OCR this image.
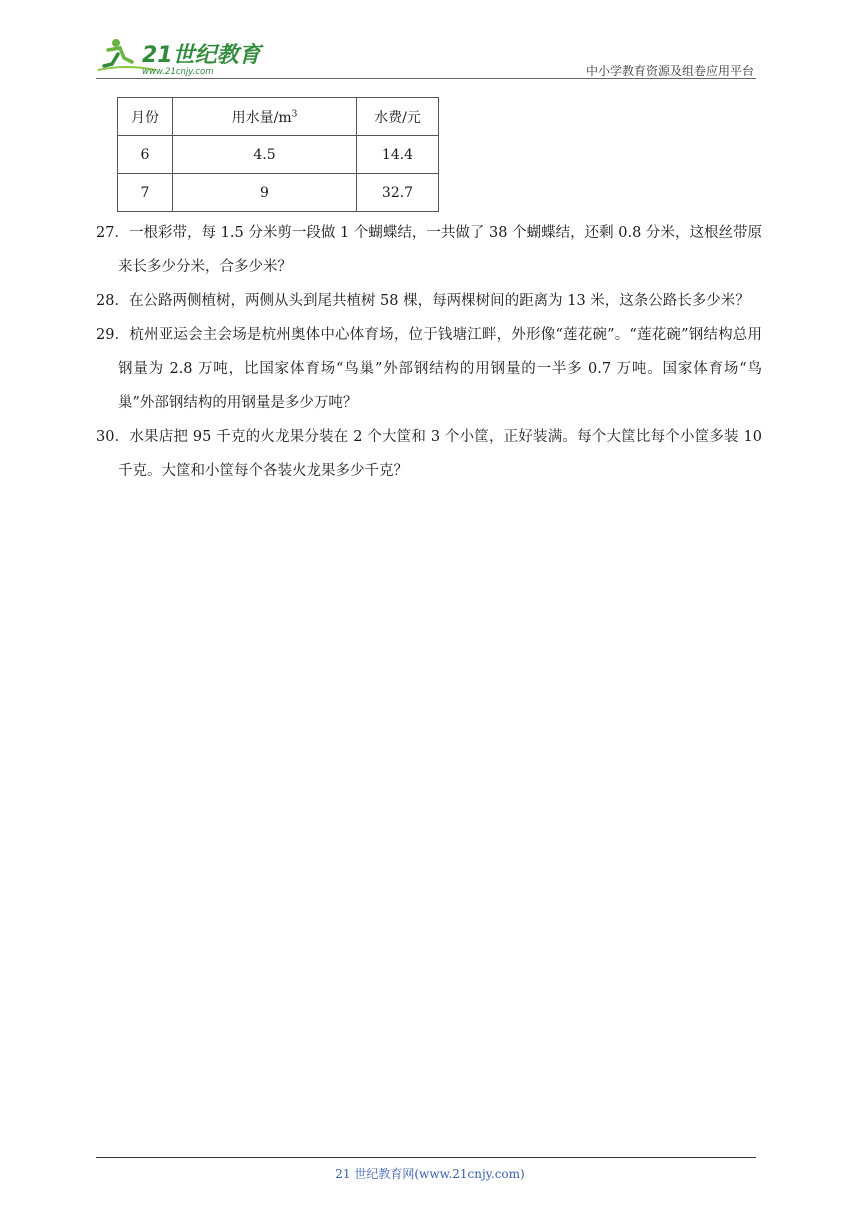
21世纪教育
www.21cnjy.com	中小学教育资源及组卷应用平台
月份	用水量$/m^3$	水费/元
6	4.5	14.4
7	9	32.7

27．一根彩带，每 1.5 分米剪一段做 1 个蝴蝶结，一共做了 38 个蝴蝶结，还剩 0.8 分米，这根丝带原来长多少分米，合多少米？

28．在公路两侧植树，两侧从头到尾共植树 58 棵，每两棵树间的距离为 13 米，这条公路长多少米？

29．杭州亚运会主会场是杭州奥体中心体育场，位于钱塘江畔，外形像“莲花碗”。“莲花碗”钢结构总用钢量为 2.8 万吨，比国家体育场“鸟巢”外部钢结构的用钢量的一半多 0.7 万吨。国家体育场“鸟巢”外部钢结构的用钢量是多少万吨？

30．水果店把 95 千克的火龙果分装在 2 个大筐和 3 个小筐，正好装满。每个大筐比每个小筐多装 10 千克。大筐和小筐每个各装火龙果多少千克？

21 世纪教育网(www.21cnjy.com)
